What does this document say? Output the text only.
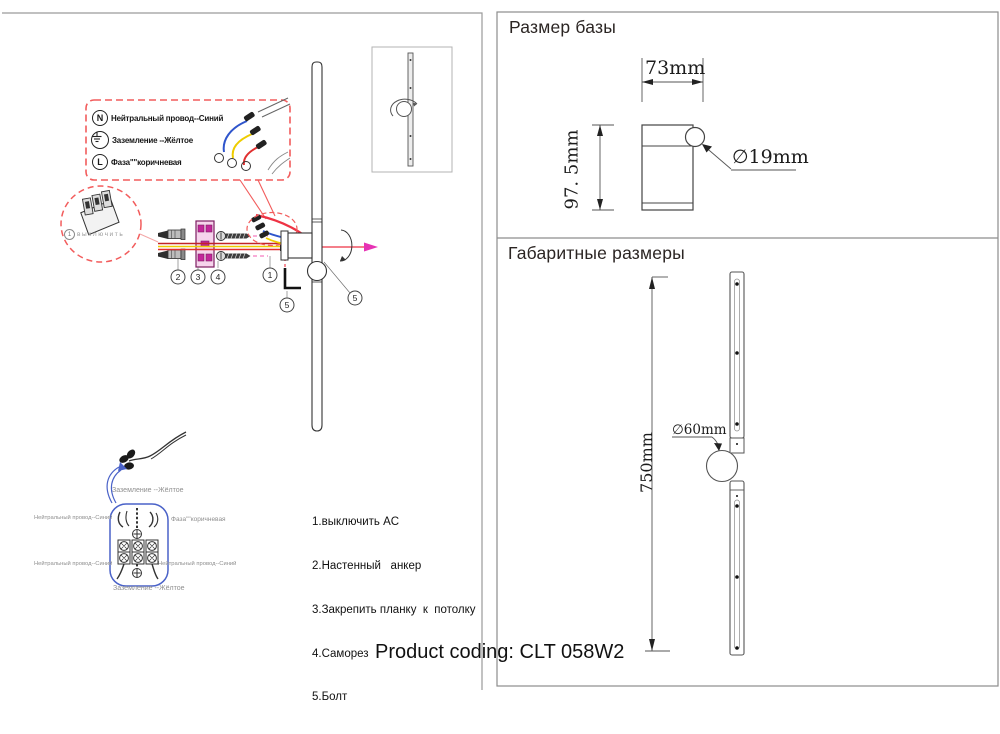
2 3 4	1
5
5
N Нейтральный провод--Синий
Заземление --Жёлтое
L	Фаза""коричневая
1 выключить

1.выключить AC

2.Настенный   анкер

3.Закрепить планку  к  потолку

4.Саморез

5.Болт

Заземление --Жёлтое
Нейтральный провод--Синий	Фаза""коричневая
Нейтральный провод--Синий	Нейтральный провод--Синий
Заземление --Жёлтое
Размер базы
Габаритные размеры
73mm
97. 5mm	∅19mm
750mm
∅60mm
Product coding: CLT 058W2
